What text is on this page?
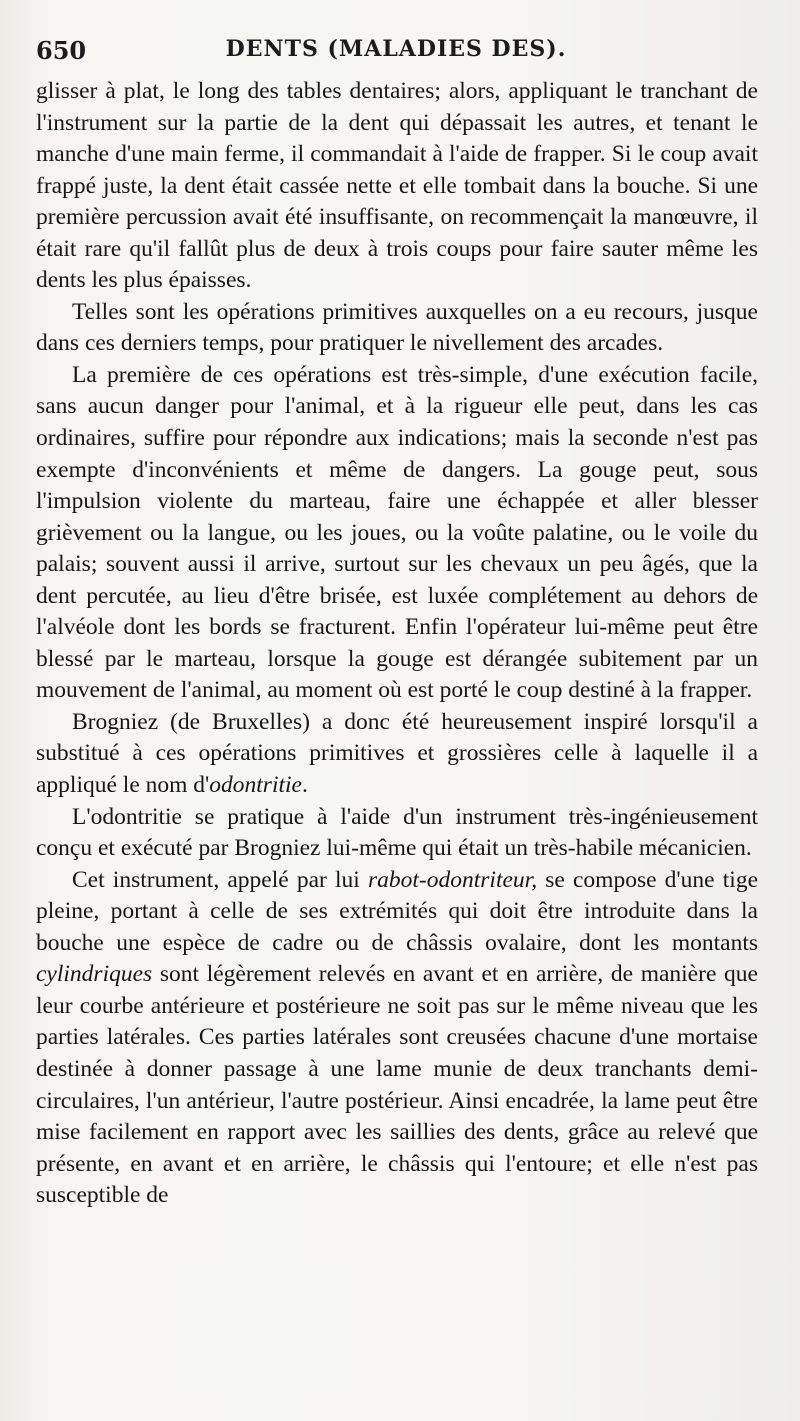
650	DENTS (MALADIES DES).

glisser à plat, le long des tables dentaires; alors, appliquant le tranchant de l'instrument sur la partie de la dent qui dépassait les autres, et tenant le manche d'une main ferme, il commandait à l'aide de frapper. Si le coup avait frappé juste, la dent était cassée nette et elle tombait dans la bouche. Si une première percussion avait été insuffisante, on recommençait la manœuvre, il était rare qu'il fallût plus de deux à trois coups pour faire sauter même les dents les plus épaisses.

Telles sont les opérations primitives auxquelles on a eu recours, jusque dans ces derniers temps, pour pratiquer le nivellement des arcades.

La première de ces opérations est très-simple, d'une exécution facile, sans aucun danger pour l'animal, et à la rigueur elle peut, dans les cas ordinaires, suffire pour répondre aux indications; mais la seconde n'est pas exempte d'inconvénients et même de dangers. La gouge peut, sous l'impulsion violente du marteau, faire une échappée et aller blesser grièvement ou la langue, ou les joues, ou la voûte palatine, ou le voile du palais; souvent aussi il arrive, surtout sur les chevaux un peu âgés, que la dent percutée, au lieu d'être brisée, est luxée complétement au dehors de l'alvéole dont les bords se fracturent. Enfin l'opérateur lui-même peut être blessé par le marteau, lorsque la gouge est dérangée subitement par un mouvement de l'animal, au moment où est porté le coup destiné à la frapper.

Brogniez (de Bruxelles) a donc été heureusement inspiré lorsqu'il a substitué à ces opérations primitives et grossières celle à laquelle il a appliqué le nom d'odontritie.

L'odontritie se pratique à l'aide d'un instrument très-ingénieusement conçu et exécuté par Brogniez lui-même qui était un très-habile mécanicien.

Cet instrument, appelé par lui rabot-odontriteur, se compose d'une tige pleine, portant à celle de ses extrémités qui doit être introduite dans la bouche une espèce de cadre ou de châssis ovalaire, dont les montants cylindriques sont légèrement relevés en avant et en arrière, de manière que leur courbe antérieure et postérieure ne soit pas sur le même niveau que les parties latérales. Ces parties latérales sont creusées chacune d'une mortaise destinée à donner passage à une lame munie de deux tranchants demi-circulaires, l'un antérieur, l'autre postérieur. Ainsi encadrée, la lame peut être mise facilement en rapport avec les saillies des dents, grâce au relevé que présente, en avant et en arrière, le châssis qui l'entoure; et elle n'est pas susceptible de
